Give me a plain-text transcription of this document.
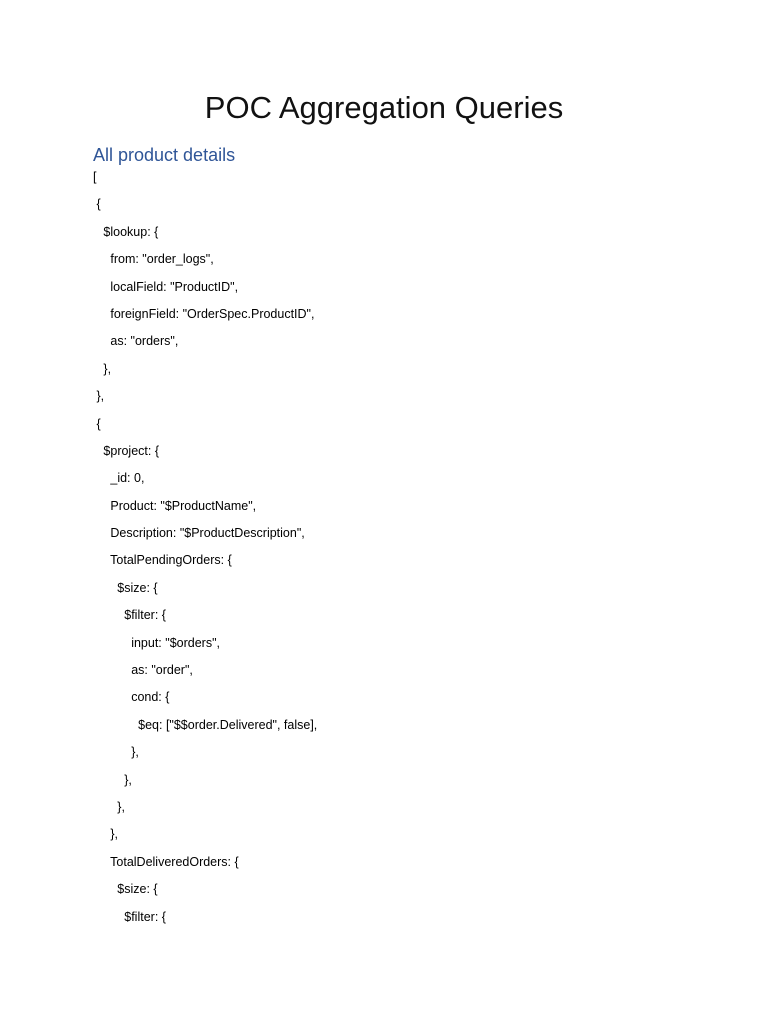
POC Aggregation Queries
All product details
[
{
$lookup: {
from: "order_logs",
localField: "ProductID",
foreignField: "OrderSpec.ProductID",
as: "orders",
},
},
{
$project: {
_id: 0,
Product: "$ProductName",
Description: "$ProductDescription",
TotalPendingOrders: {
$size: {
$filter: {
input: "$orders",
as: "order",
cond: {
$eq: ["$$order.Delivered", false],
},
},
},
},
TotalDeliveredOrders: {
$size: {
$filter: {
